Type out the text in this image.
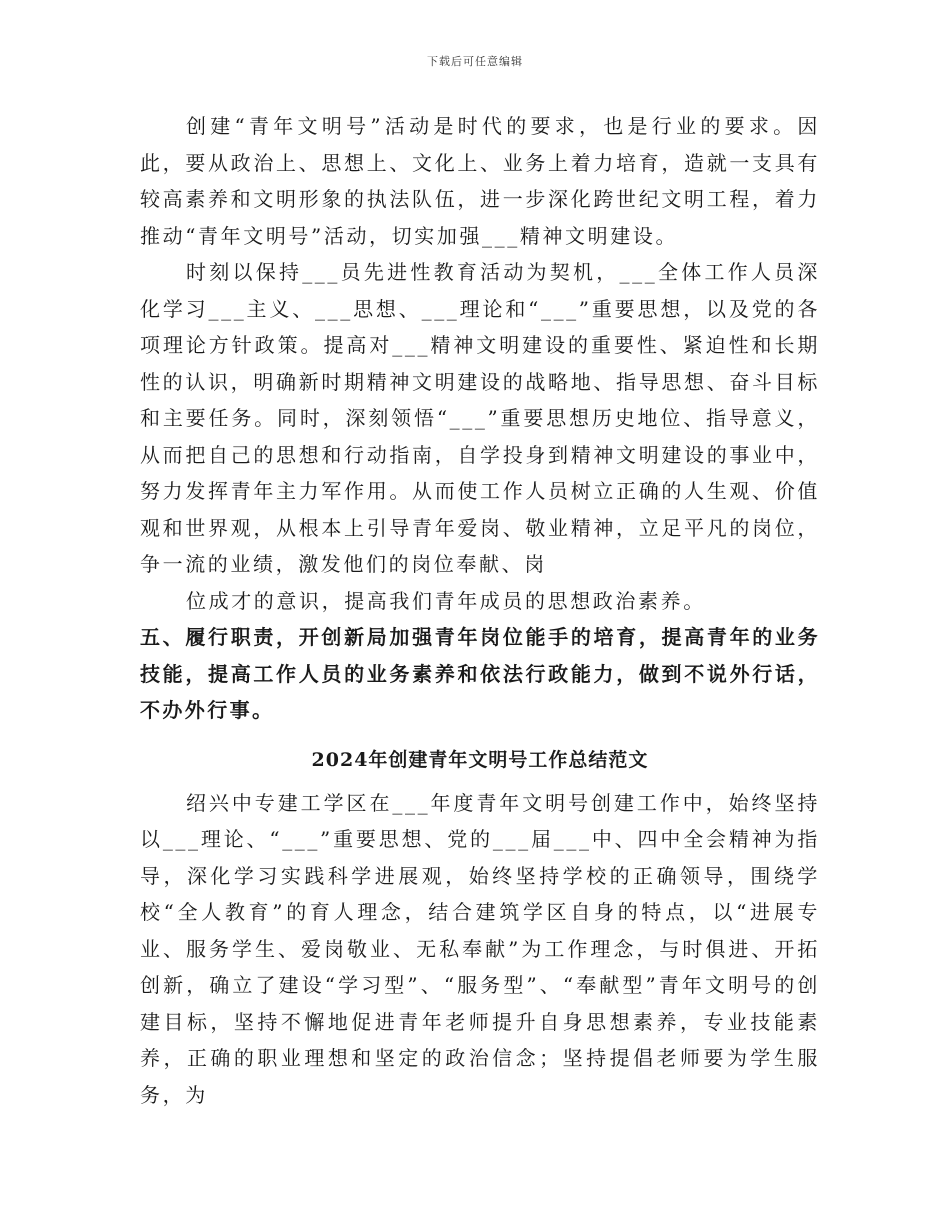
下载后可任意编辑

创建“青年文明号”活动是时代的要求，也是行业的要求。因此，要从政治上、思想上、文化上、业务上着力培育，造就一支具有较高素养和文明形象的执法队伍，进一步深化跨世纪文明工程，着力推动“青年文明号”活动，切实加强___精神文明建设。

时刻以保持___员先进性教育活动为契机，___全体工作人员深化学习___主义、___思想、___理论和“___”重要思想，以及党的各项理论方针政策。提高对___精神文明建设的重要性、紧迫性和长期性的认识，明确新时期精神文明建设的战略地、指导思想、奋斗目标和主要任务。同时，深刻领悟“___”重要思想历史地位、指导意义，从而把自己的思想和行动指南，自学投身到精神文明建设的事业中，努力发挥青年主力军作用。从而使工作人员树立正确的人生观、价值观和世界观，从根本上引导青年爱岗、敬业精神，立足平凡的岗位，争一流的业绩，激发他们的岗位奉献、岗

位成才的意识，提高我们青年成员的思想政治素养。

五、履行职责，开创新局加强青年岗位能手的培育，提高青年的业务技能，提高工作人员的业务素养和依法行政能力，做到不说外行话，不办外行事。

2024年创建青年文明号工作总结范文

绍兴中专建工学区在___年度青年文明号创建工作中，始终坚持以___理论、“___”重要思想、党的___届___中、四中全会精神为指导，深化学习实践科学进展观，始终坚持学校的正确领导，围绕学校“全人教育”的育人理念，结合建筑学区自身的特点，以“进展专业、服务学生、爱岗敬业、无私奉献”为工作理念，与时俱进、开拓创新，确立了建设“学习型”、“服务型”、“奉献型”青年文明号的创建目标，坚持不懈地促进青年老师提升自身思想素养，专业技能素养，正确的职业理想和坚定的政治信念；坚持提倡老师要为学生服务，为
